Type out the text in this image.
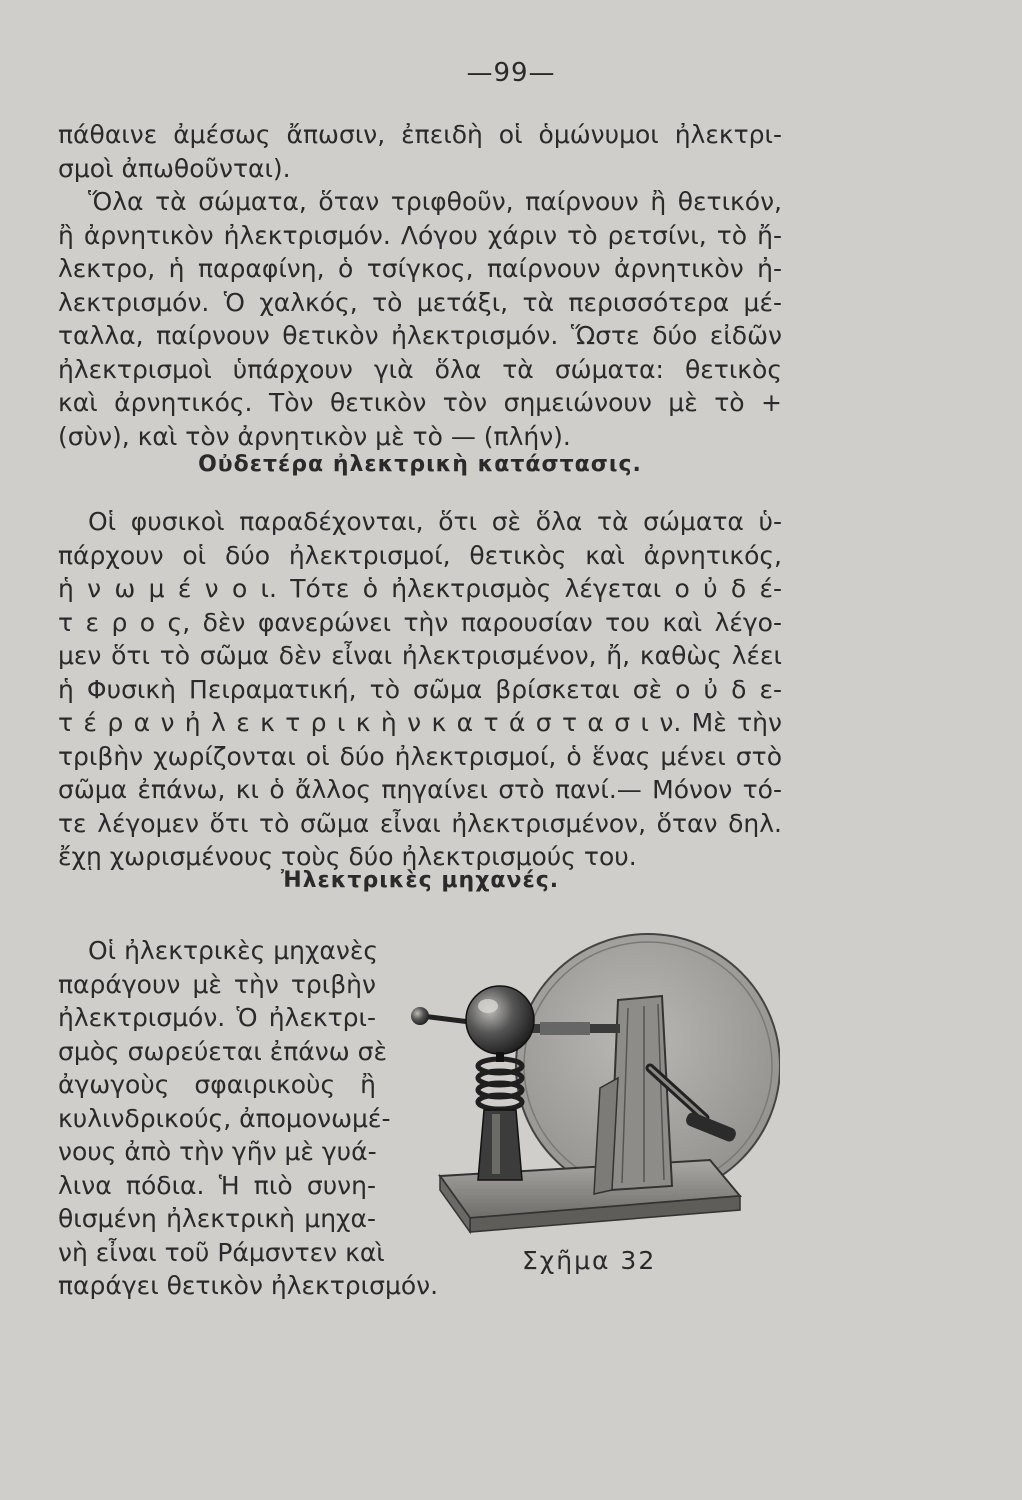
—99—
πάθαινε ἀμέσως ἄπωσιν, ἐπειδὴ οἱ ὁμώνυμοι ἠλεκτρι-
σμοὶ ἀπωθοῦνται).
Ὅλα τὰ σώματα, ὅταν τριφθοῦν, παίρνουν ἢ θετικόν,
ἢ ἀρνητικὸν ἠλεκτρισμόν. Λόγου χάριν τὸ ρετσίνι, τὸ ἤ-
λεκτρο, ἡ παραφίνη, ὁ τσίγκος, παίρνουν ἀρνητικὸν ἠ-
λεκτρισμόν. Ὁ χαλκός, τὸ μετάξι, τὰ περισσότερα μέ-
ταλλα, παίρνουν θετικὸν ἠλεκτρισμόν. Ὥστε δύο εἰδῶν
ἠλεκτρισμοὶ ὑπάρχουν γιὰ ὅλα τὰ σώματα: θετικὸς
καὶ ἀρνητικός. Τὸν θετικὸν τὸν σημειώνουν μὲ τὸ +
(σὺν), καὶ τὸν ἀρνητικὸν μὲ τὸ — (πλήν).
Οὐδετέρα ἠλεκτρικὴ κατάστασις.
Οἱ φυσικοὶ παραδέχονται, ὅτι σὲ ὅλα τὰ σώματα ὑ-
πάρχουν οἱ δύο ἠλεκτρισμοί, θετικὸς καὶ ἀρνητικός,
ἡ ν ω μ έ ν ο ι. Τότε ὁ ἠλεκτρισμὸς λέγεται ο ὐ δ έ-
τ ε ρ ο ς, δὲν φανερώνει τὴν παρουσίαν του καὶ λέγο-
μεν ὅτι τὸ σῶμα δὲν εἶναι ἠλεκτρισμένον, ἤ, καθὼς λέει
ἡ Φυσικὴ Πειραματική, τὸ σῶμα βρίσκεται σὲ ο ὐ δ ε-
τ έ ρ α ν ἠ λ ε κ τ ρ ι κ ὴ ν κ α τ ά σ τ α σ ι ν. Μὲ τὴν
τριβὴν χωρίζονται οἱ δύο ἠλεκτρισμοί, ὁ ἕνας μένει στὸ
σῶμα ἐπάνω, κι ὁ ἄλλος πηγαίνει στὸ πανί.— Μόνον τό-
τε λέγομεν ὅτι τὸ σῶμα εἶναι ἠλεκτρισμένον, ὅταν δηλ.
ἔχῃ χωρισμένους τοὺς δύο ἠλεκτρισμούς του.
Ἠλεκτρικὲς μηχανές.
Οἱ ἠλεκτρικὲς μηχανὲς
παράγουν μὲ τὴν τριβὴν
ἠλεκτρισμόν. Ὁ ἠλεκτρι-
σμὸς σωρεύεται ἐπάνω σὲ
ἀγωγοὺς σφαιρικοὺς ἢ
κυλινδρικούς, ἀπομονωμέ-
νους ἀπὸ τὴν γῆν μὲ γυά-
λινα πόδια. Ἡ πιὸ συνη-
θισμένη ἠλεκτρικὴ μηχα-
νὴ εἶναι τοῦ Ράμσντεν καὶ
παράγει θετικὸν ἠλεκτρισμόν.
Σχῆμα 32
